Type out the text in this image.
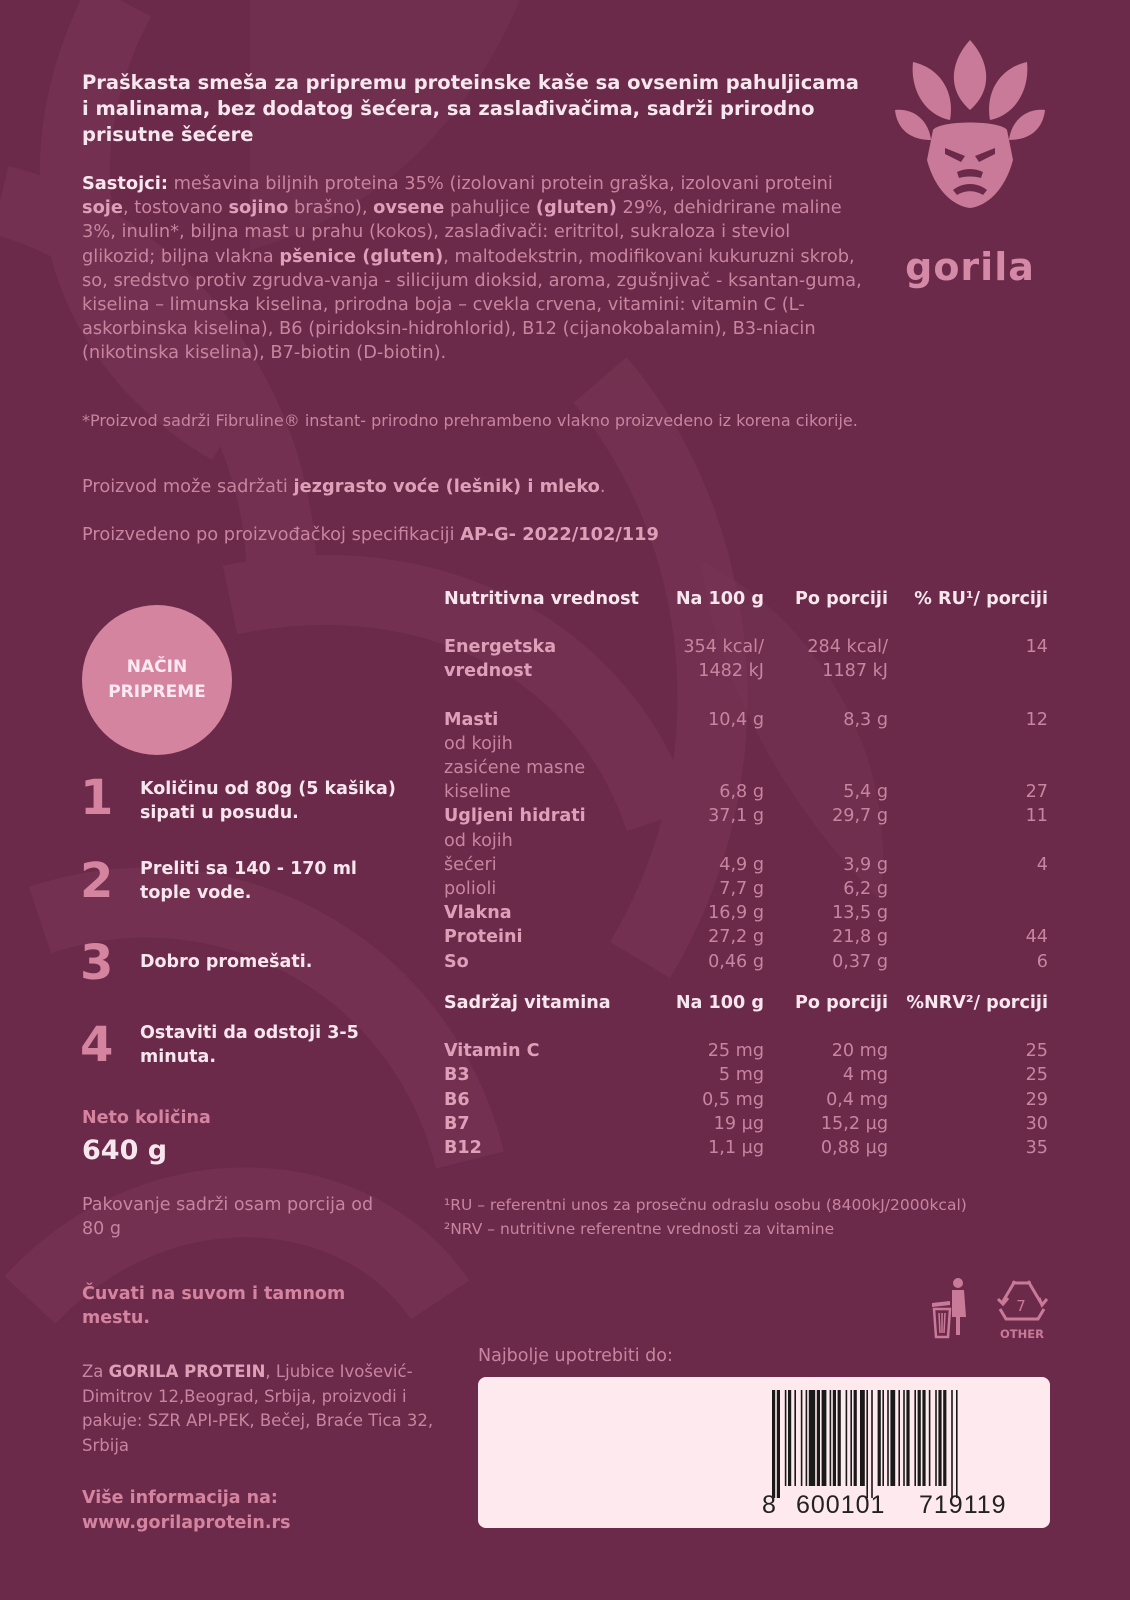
Praškasta smeša za pripremu proteinske kaše sa ovsenim pahuljicama i malinama, bez dodatog šećera, sa zaslađivačima, sadrži prirodno prisutne šećere
Sastojci: mešavina biljnih proteina 35% (izolovani protein graška, izolovani proteini soje, tostovano sojino brašno), ovsene pahuljice (gluten) 29%, dehidrirane maline 3%, inulin*, biljna mast u prahu (kokos), zaslađivači: eritritol, sukraloza i steviol glikozid; biljna vlakna pšenice (gluten), maltodekstrin, modifikovani kukuruzni skrob, so, sredstvo protiv zgrudva-vanja - silicijum dioksid, aroma, zgušnjivač - ksantan-guma, kiselina – limunska kiselina, prirodna boja – cvekla crvena, vitamini: vitamin C (L-askorbinska kiselina), B6 (piridoksin-hidrohlorid), B12 (cijanokobalamin), B3-niacin (nikotinska kiselina), B7-biotin (D-biotin).
*Proizvod sadrži Fibruline® instant- prirodno prehrambeno vlakno proizvedeno iz korena cikorije.
Proizvod može sadržati jezgrasto voće (lešnik) i mleko.
Proizvedeno po proizvođačkoj specifikaciji AP-G- 2022/102/119
gorila
NAČIN PRIPREME
1 Količinu od 80g (5 kašika) sipati u posudu.
2 Preliti sa 140 - 170 ml tople vode.
3 Dobro promešati.
4 Ostaviti da odstoji 3-5 minuta.
Neto količina
640 g
Pakovanje sadrži osam porcija od 80 g
Čuvati na suvom i tamnom mestu.
Za GORILA PROTEIN, Ljubice Ivošević-Dimitrov 12,Beograd, Srbija, proizvodi i pakuje: SZR API-PEK, Bečej, Braće Tica 32, Srbija
Više informacija na:
www.gorilaprotein.rs
Nutritivna vrednost	Na 100 g	Po porciji	% RU¹/ porciji
Energetska	354 kcal/	284 kcal/	14
vrednost	1482 kJ	1187 kJ
Masti	10,4 g	8,3 g	12
od kojih
zasićene masne
kiseline	6,8 g	5,4 g	27
Ugljeni hidrati	37,1 g	29,7 g	11
od kojih
šećeri	4,9 g	3,9 g	4
polioli	7,7 g	6,2 g
Vlakna	16,9 g	13,5 g
Proteini	27,2 g	21,8 g	44
So	0,46 g	0,37 g	6
Sadržaj vitamina	Na 100 g	Po porciji	%NRV²/ porciji
Vitamin C	25 mg	20 mg	25
B3	5 mg	4 mg	25
B6	0,5 mg	0,4 mg	29
B7	19 µg	15,2 µg	30
B12	1,1 µg	0,88 µg	35
¹RU – referentni unos za prosečnu odraslu osobu (8400kJ/2000kcal)
²NRV – nutritivne referentne vrednosti za vitamine
7
OTHER
Najbolje upotrebiti do:
8 600101 719119
